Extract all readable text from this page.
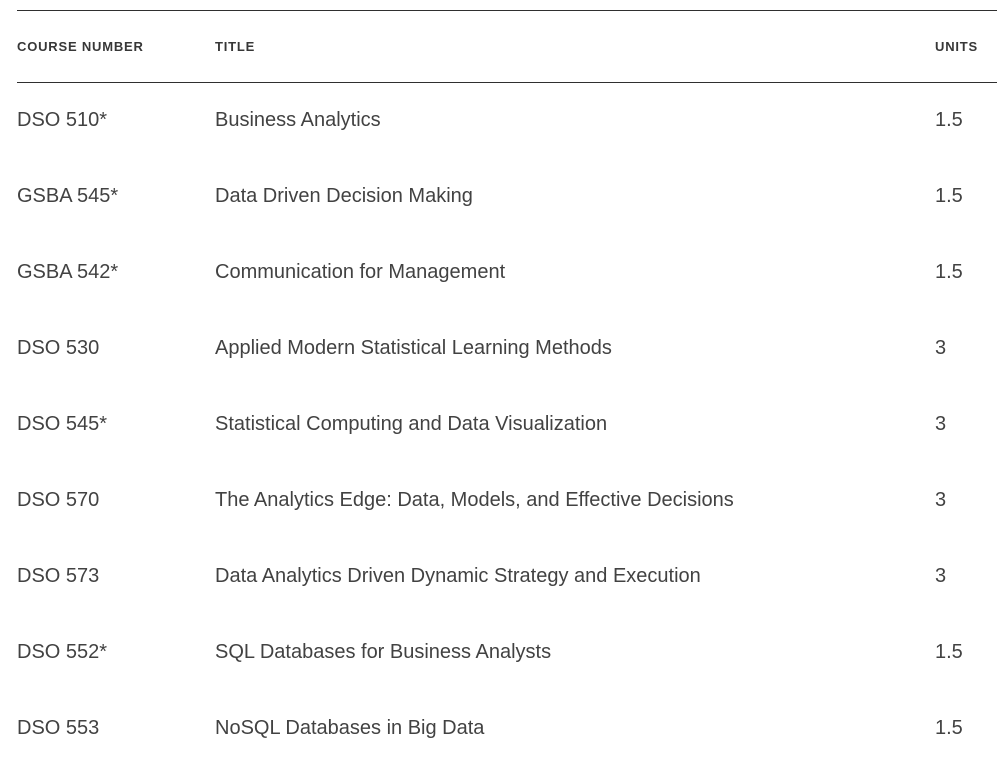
COURSE NUMBER	TITLE	UNITS
DSO 510*	Business Analytics	1.5
GSBA 545*	Data Driven Decision Making	1.5
GSBA 542*	Communication for Management	1.5
DSO 530	Applied Modern Statistical Learning Methods	3
DSO 545*	Statistical Computing and Data Visualization	3
DSO 570	The Analytics Edge: Data, Models, and Effective Decisions	3
DSO 573	Data Analytics Driven Dynamic Strategy and Execution	3
DSO 552*	SQL Databases for Business Analysts	1.5
DSO 553	NoSQL Databases in Big Data	1.5
